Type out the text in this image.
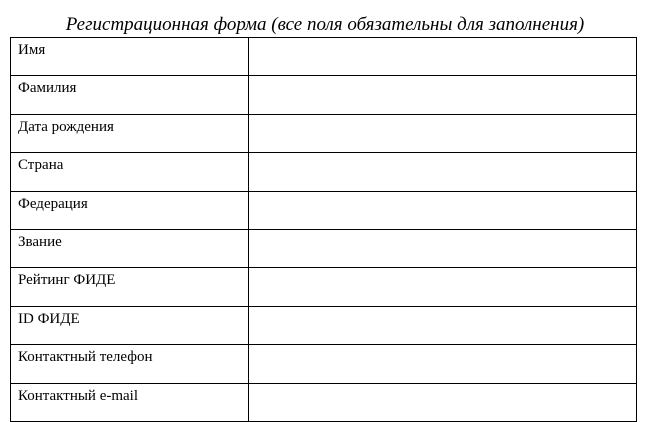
Регистрационная форма (все поля обязательны для заполнения)
Имя	
Фамилия	
Дата рождения	
Страна	
Федерация	
Звание	
Рейтинг ФИДЕ	
ID ФИДЕ	
Контактный телефон	
Контактный e-mail	
